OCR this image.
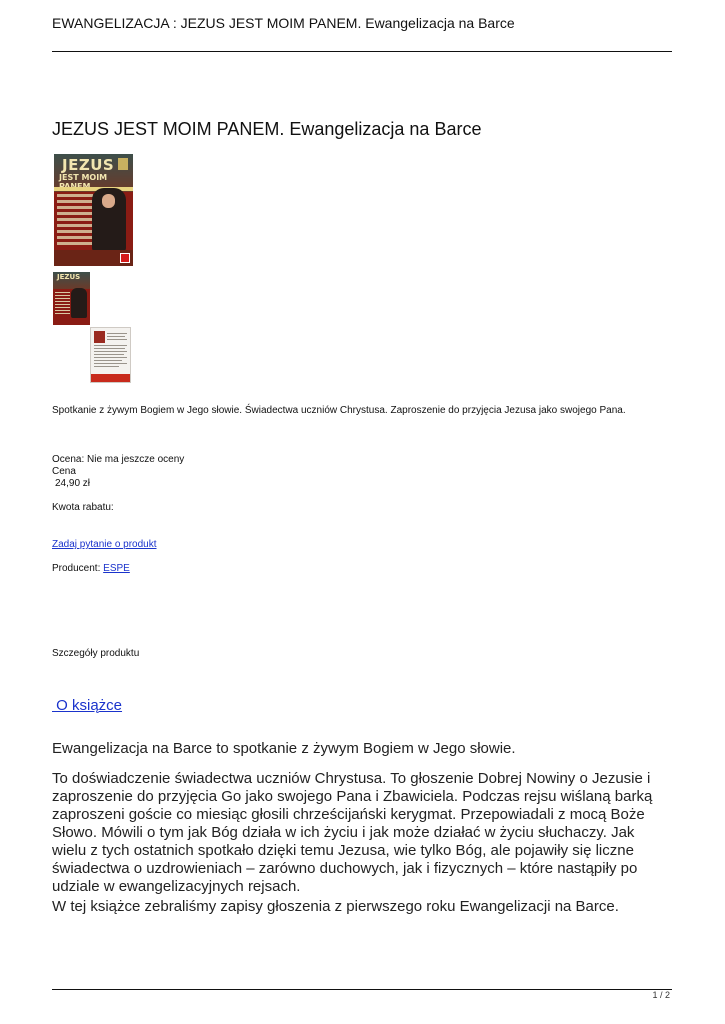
EWANGELIZACJA : JEZUS JEST MOIM PANEM. Ewangelizacja na Barce
JEZUS JEST MOIM PANEM. Ewangelizacja na Barce
JEZUS
JEST MOIM
JEZUS
Spotkanie z żywym Bogiem w Jego słowie. Świadectwa uczniów Chrystusa. Zaproszenie do przyjęcia Jezusa jako swojego Pana.
Ocena: Nie ma jeszcze oceny
Cena
24,90 zł
Kwota rabatu:
Zadaj pytanie o produkt
Producent: ESPE
Szczegóły produktu
O książce
Ewangelizacja na Barce to spotkanie z żywym Bogiem w Jego słowie.
To doświadczenie świadectwa uczniów Chrystusa. To głoszenie Dobrej Nowiny o Jezusie i zaproszenie do przyjęcia Go jako swojego Pana i Zbawiciela. Podczas rejsu wiślaną barką zaproszeni goście co miesiąc głosili chrześcijański kerygmat. Przepowiadali z mocą Boże Słowo. Mówili o tym jak Bóg działa w ich życiu i jak może działać w życiu słuchaczy. Jak wielu z tych ostatnich spotkało dzięki temu Jezusa, wie tylko Bóg, ale pojawiły się liczne świadectwa o uzdrowieniach – zarówno duchowych, jak i fizycznych – które nastąpiły po udziale w ewangelizacyjnych rejsach.
W tej książce zebraliśmy zapisy głoszenia z pierwszego roku Ewangelizacji na Barce.
1 / 2
